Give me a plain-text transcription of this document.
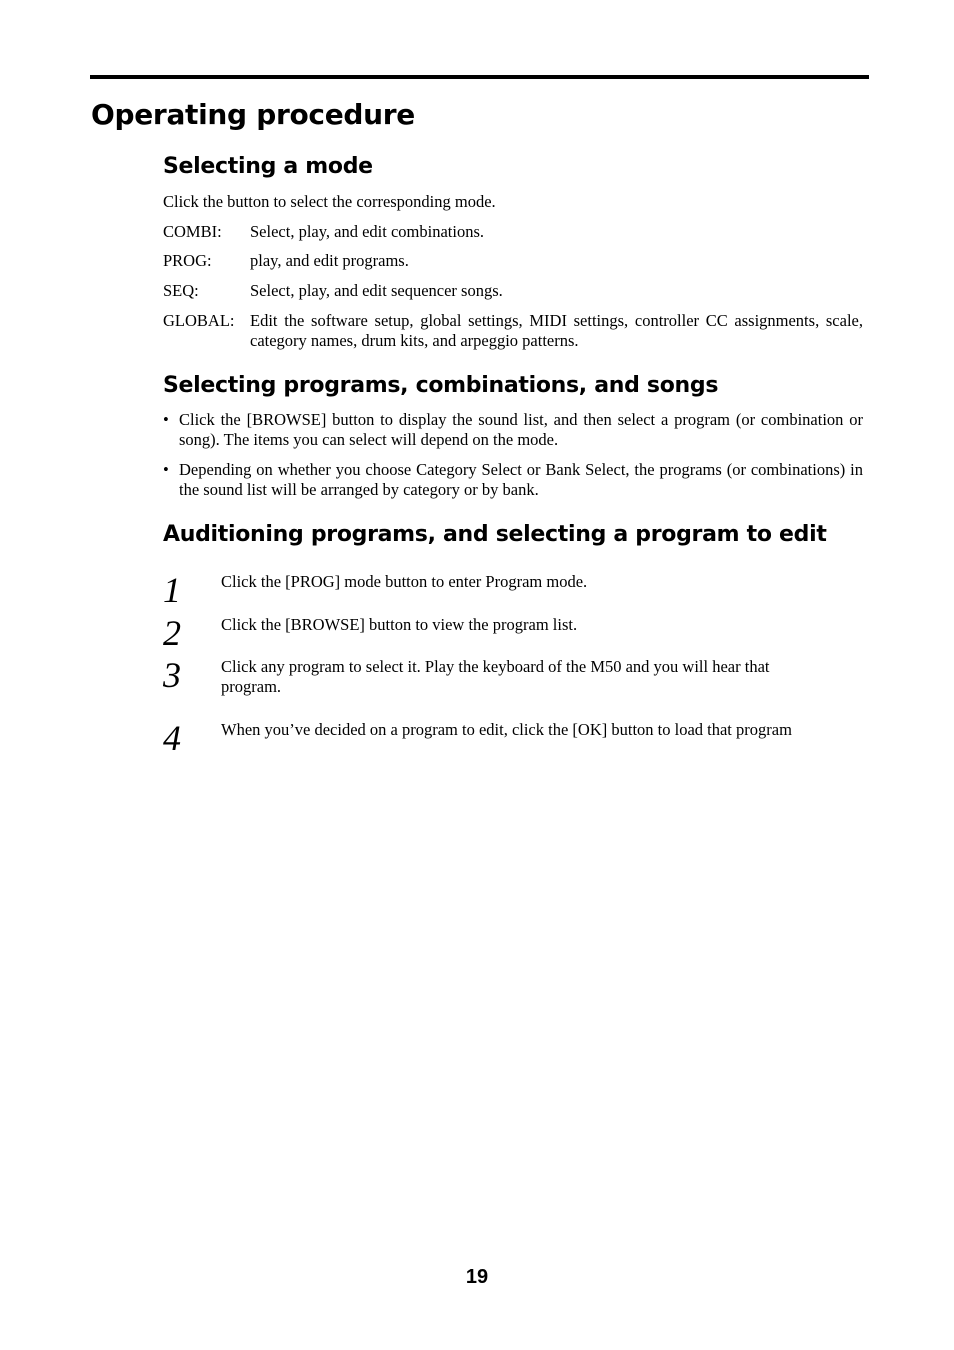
Operating procedure
Selecting a mode
Click the button to select the corresponding mode.
COMBI:	Select, play, and edit combinations.
PROG:	play, and edit programs.
SEQ:	Select, play, and edit sequencer songs.
GLOBAL: Edit the software setup, global settings, MIDI settings, controller CC assignments, scale, category names, drum kits, and arpeggio patterns.
Selecting programs, combinations, and songs
• Click the [BROWSE] button to display the sound list, and then select a program (or combination or song). The items you can select will depend on the mode.
• Depending on whether you choose Category Select or Bank Select, the programs (or combinations) in the sound list will be arranged by category or by bank.
Auditioning programs, and selecting a program to edit
1 Click the [PROG] mode button to enter Program mode.
2 Click the [BROWSE] button to view the program list.
3 Click any program to select it. Play the keyboard of the M50 and you will hear that program.
4 When you’ve decided on a program to edit, click the [OK] button to load that program
19
